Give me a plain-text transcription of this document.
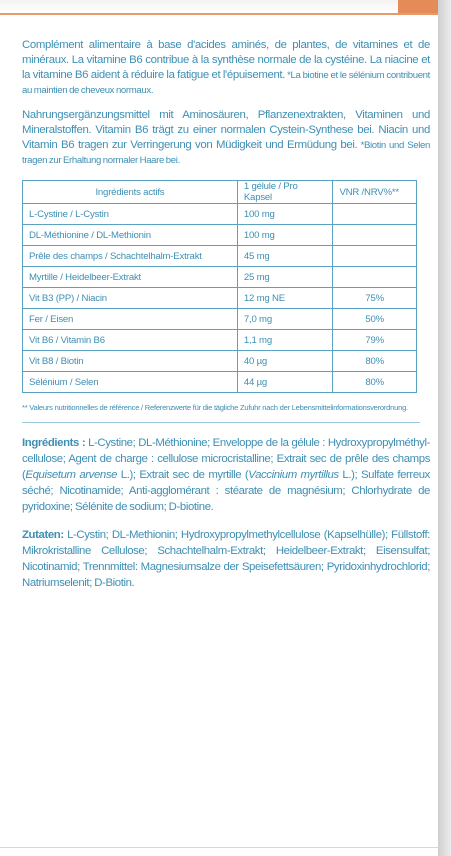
Complément alimentaire à base d'acides aminés, de plantes, de vitamines et de minéraux. La vitamine B6 contribue à la synthèse normale de la cystéine. La niacine et la vitamine B6 aident à réduire la fatigue et l'épuisement. *La biotine et le sélénium contribuent au maintien de cheveux normaux.

Nahrungsergänzungsmittel mit Aminosäuren, Pflanzenextrakten, Vitaminen und Mineralstoffen. Vitamin B6 trägt zu einer normalen Cystein-Synthese bei. Niacin und Vitamin B6 tragen zur Verringerung von Müdigkeit und Ermüdung bei. *Biotin und Selen tragen zur Erhaltung normaler Haare bei.

Ingrédients actifs	1 gélule / Pro Kapsel	VNR /NRV%**
L-Cystine / L-Cystin	100 mg	
DL-Méthionine / DL-Methionin	100 mg	
Prêle des champs / Schachtelhalm-Extrakt	45 mg	
Myrtille / Heidelbeer-Extrakt	25 mg	
Vit B3 (PP) / Niacin	12 mg NE	75%
Fer / Eisen	7,0 mg	50%
Vit B6 / Vitamin B6	1,1 mg	79%
Vit B8 / Biotin	40 µg	80%
Sélénium / Selen	44 µg	80%

** Valeurs nutritionnelles de référence / Referenzwerte für die tägliche Zufuhr nach der Lebensmittelinformationsverordnung.

Ingrédients : L-Cystine; DL-Méthionine; Enveloppe de la gélule : Hydroxypropylméthyl-cellulose; Agent de charge : cellulose microcristalline; Extrait sec de prêle des champs (Equisetum arvense L.); Extrait sec de myrtille (Vaccinium myrtillus L.); Sulfate ferreux séché; Nicotinamide; Anti-agglomérant : stéarate de magnésium; Chlorhydrate de pyridoxine; Sélénite de sodium; D-biotine.

Zutaten: L-Cystin; DL-Methionin; Hydroxypropylmethylcellulose (Kapselhülle); Füllstoff: Mikrokristalline Cellulose; Schachtelhalm-Extrakt; Heidelbeer-Extrakt; Eisensulfat; Nicotinamid; Trennmittel: Magnesiumsalze der Speisefettsäuren; Pyridoxinhydrochlorid; Natriumselenit; D-Biotin.
